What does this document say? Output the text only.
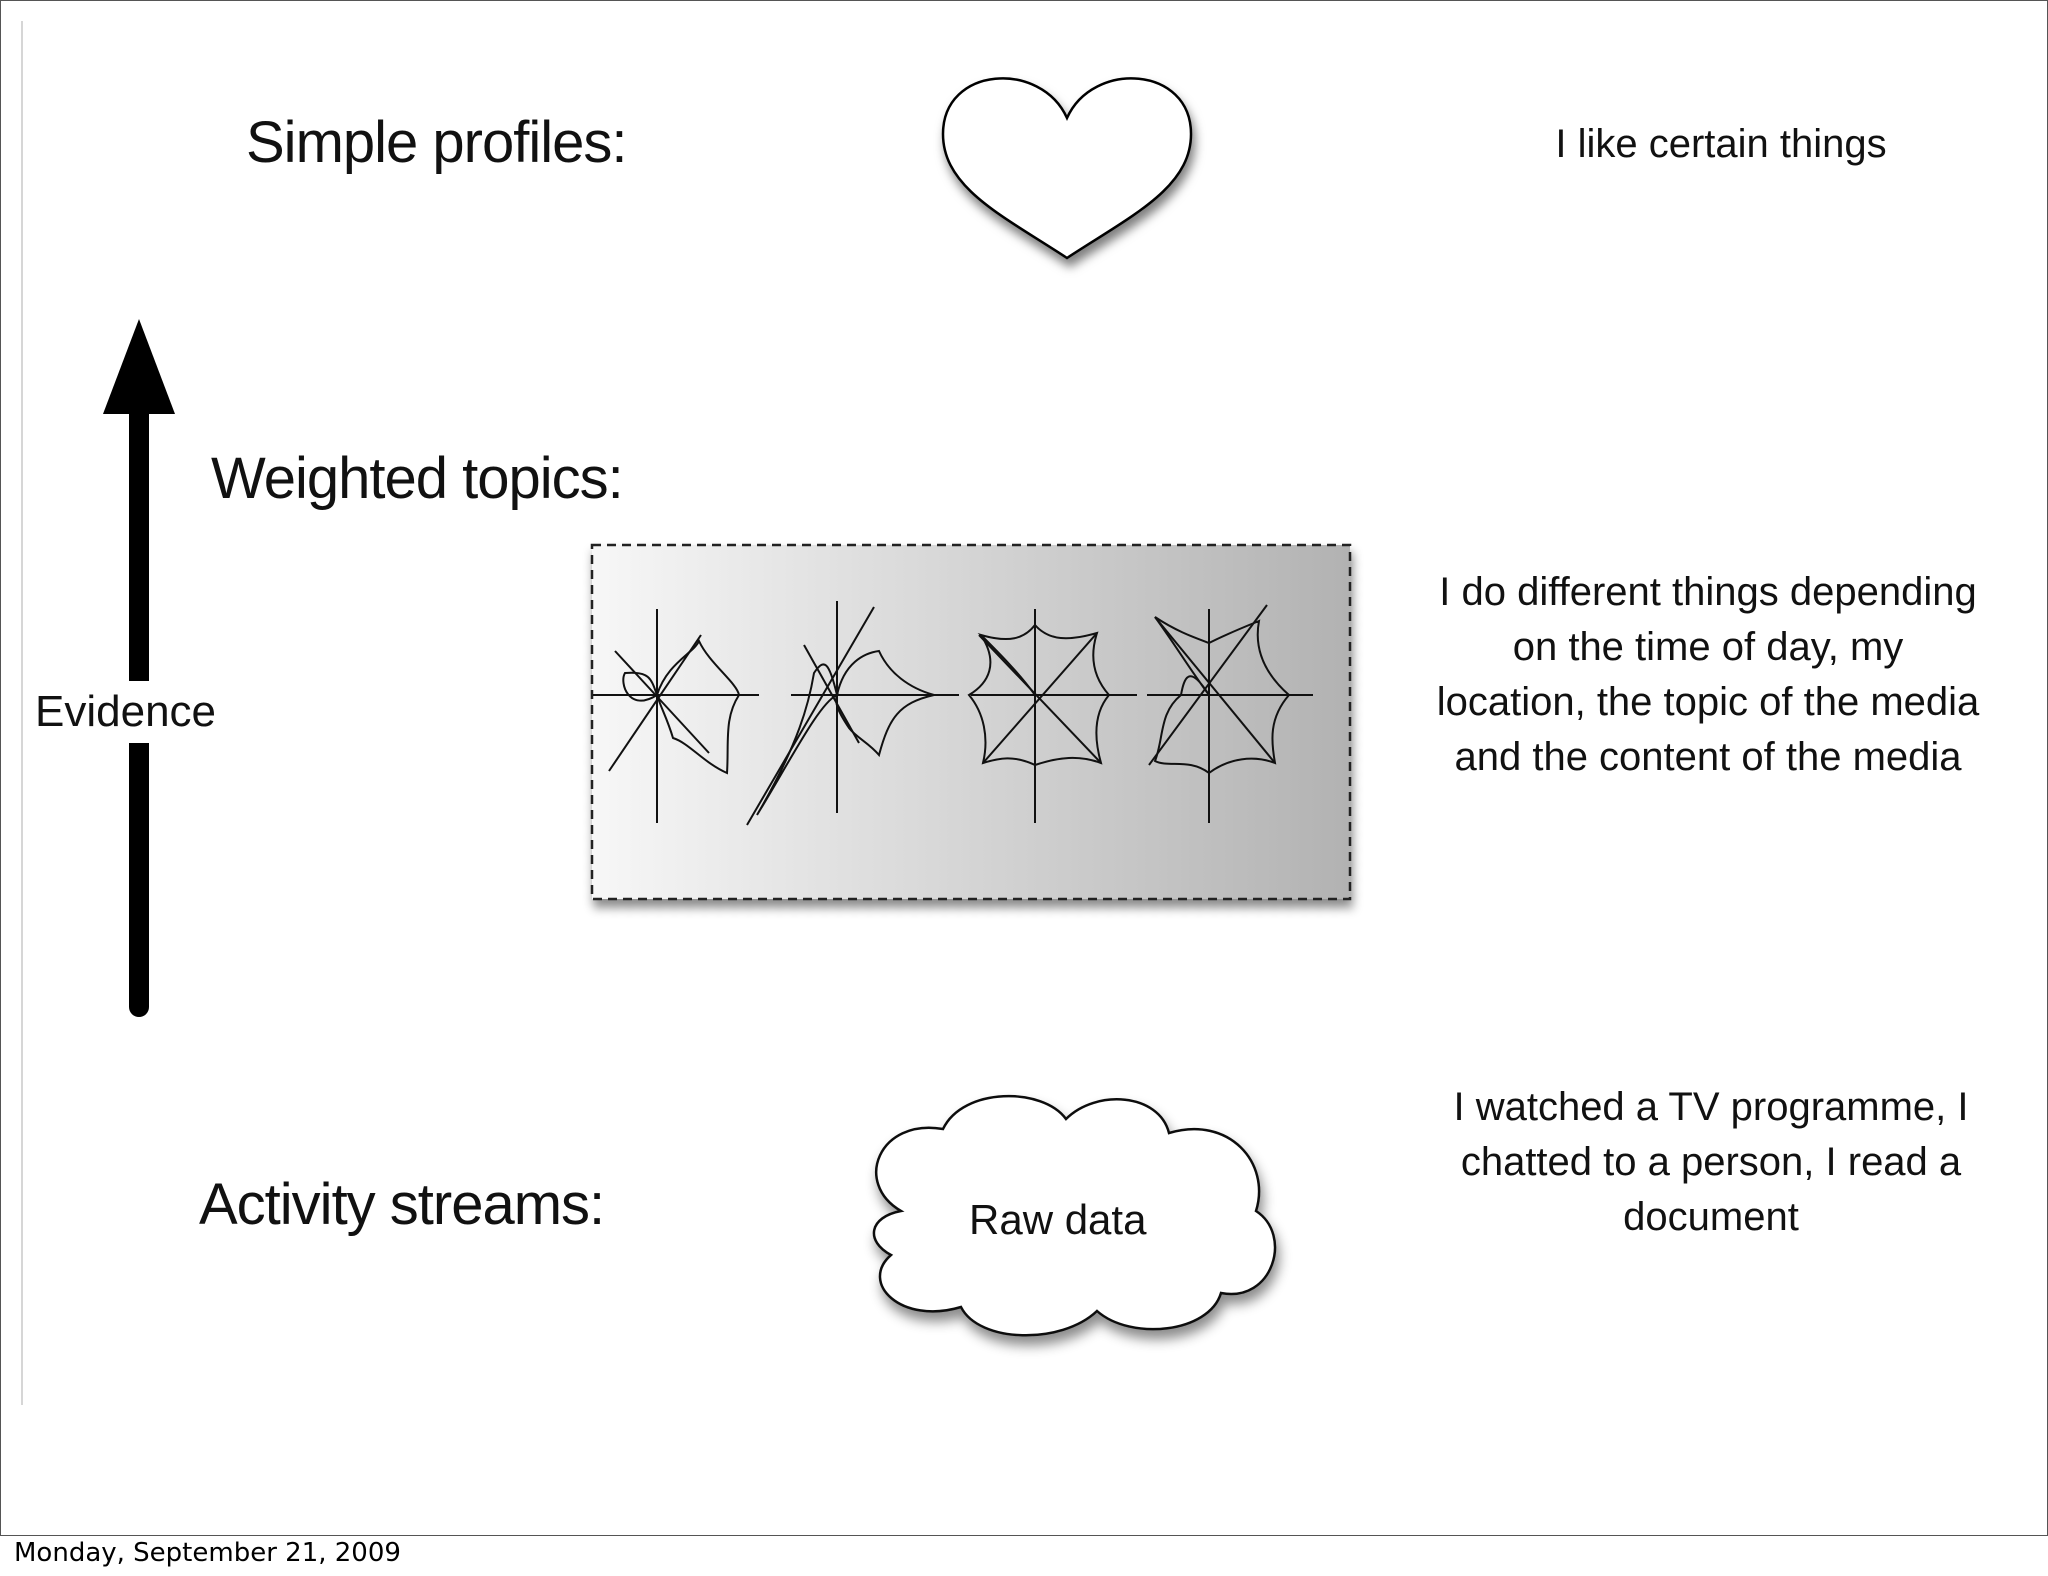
Simple profiles:
Weighted topics:
Activity streams:
I like certain things
I do different things depending on the time of day, my location, the topic of the media and the content of the media
I watched a TV programme, I chatted to a person, I read a document
Evidence
Raw data
Monday, September 21, 2009
